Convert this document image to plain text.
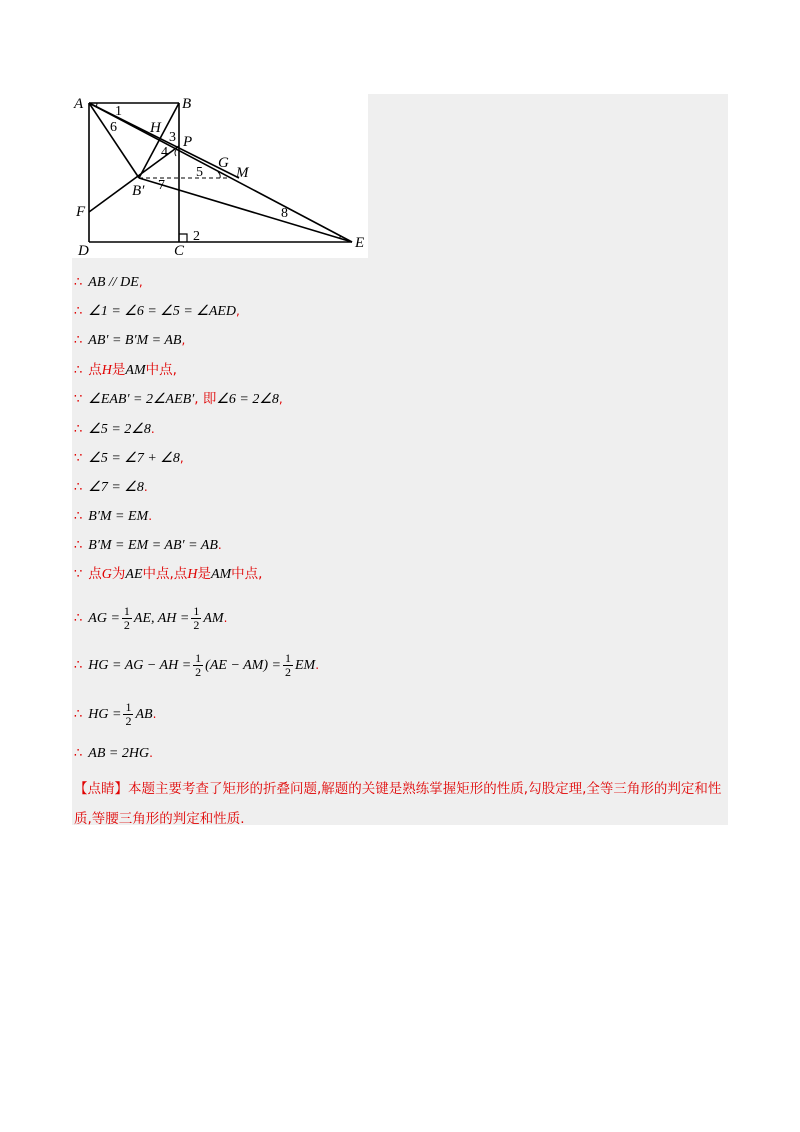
A	B
F
D	C	E
H
P
G
M
B′
1
2
3
4
5
6
7
8
∴ AB // DE,
∴ ∠1 = ∠6 = ∠5 = ∠AED,
∴ AB′ = B′M = AB,
∴ 点H是AM中点,
∵ ∠EAB′ = 2∠AEB′, 即∠6 = 2∠8,
∴ ∠5 = 2∠8.
∵ ∠5 = ∠7 + ∠8,
∴ ∠7 = ∠8.
∴ B′M = EM.
∴ B′M = EM = AB′ = AB.
∵ 点G为AE中点,点H是AM中点,
∴ AG = $\frac{1}{2}$ AE, AH = $\frac{1}{2}$ AM.
∴ HG = AG − AH = $\frac{1}{2} (AE - AM) = \frac{1}{2}$ EM.
∴ HG = $\frac{1}{2}$ AB.
∴ AB = 2HG.
【点睛】本题主要考查了矩形的折叠问题,解题的关键是熟练掌握矩形的性质,勾股定理,全等三角形的判定和性质,等腰三角形的判定和性质.
